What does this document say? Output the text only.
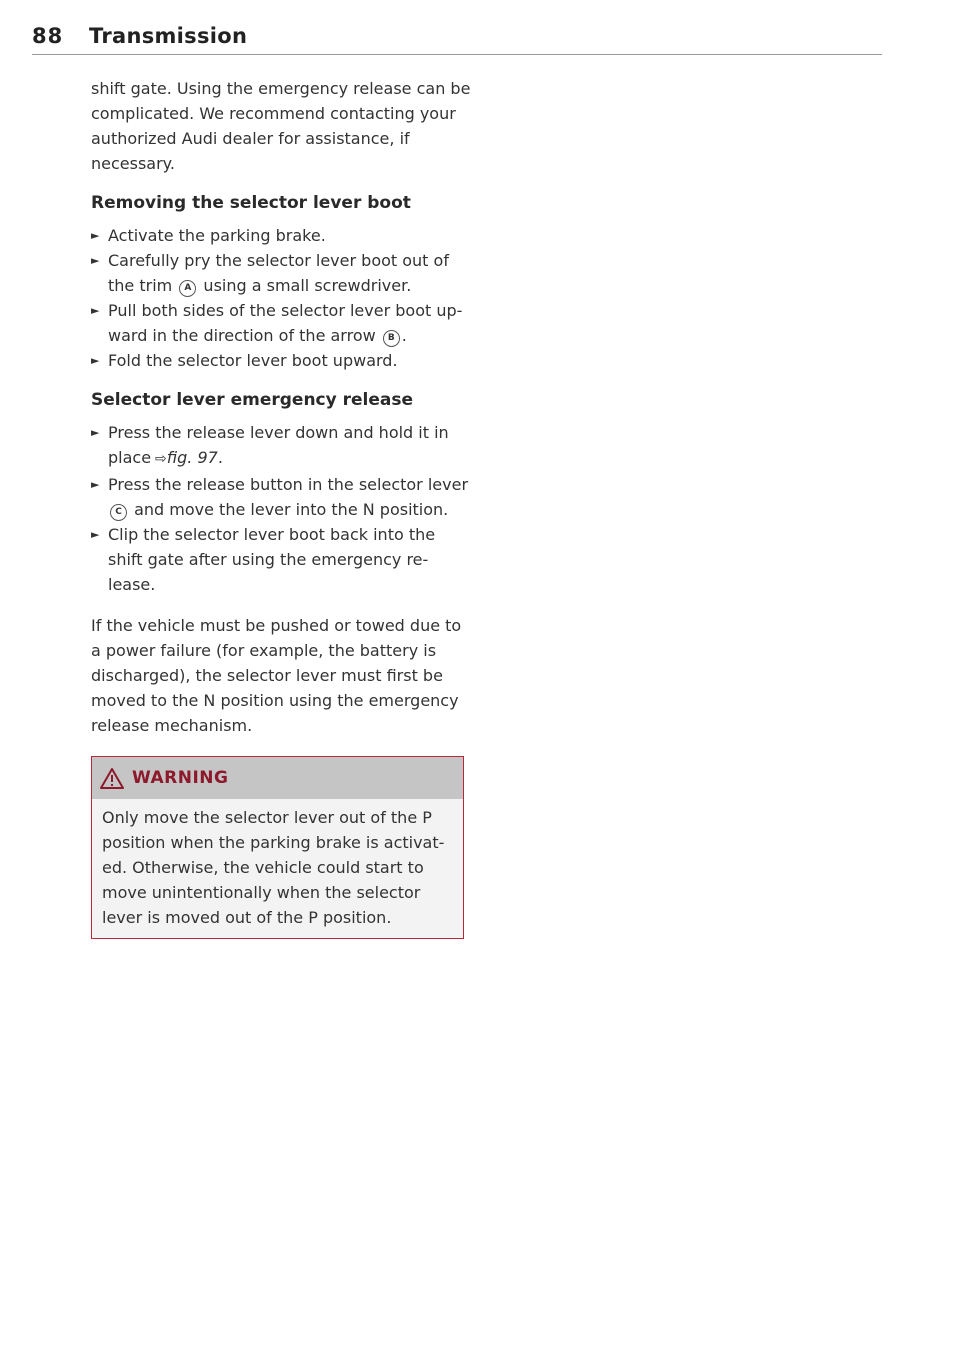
88 Transmission

shift gate. Using the emergency release can be complicated. We recommend contacting your authorized Audi dealer for assistance, if necessary.

Removing the selector lever boot
► Activate the parking brake.
► Carefully pry the selector lever boot out of the trim A using a small screwdriver.
► Pull both sides of the selector lever boot up-ward in the direction of the arrow B .
► Fold the selector lever boot upward.
Selector lever emergency release
► Press the release lever down and hold it in place ⇨fig. 97.
► Press the release button in the selector lever C and move the lever into the N position.
► Clip the selector lever boot back into the shift gate after using the emergency re-lease.

If the vehicle must be pushed or towed due to a power failure (for example, the battery is discharged), the selector lever must first be moved to the N position using the emergency release mechanism.

WARNING
Only move the selector lever out of the P position when the parking brake is activat-ed. Otherwise, the vehicle could start to move unintentionally when the selector lever is moved out of the P position.
